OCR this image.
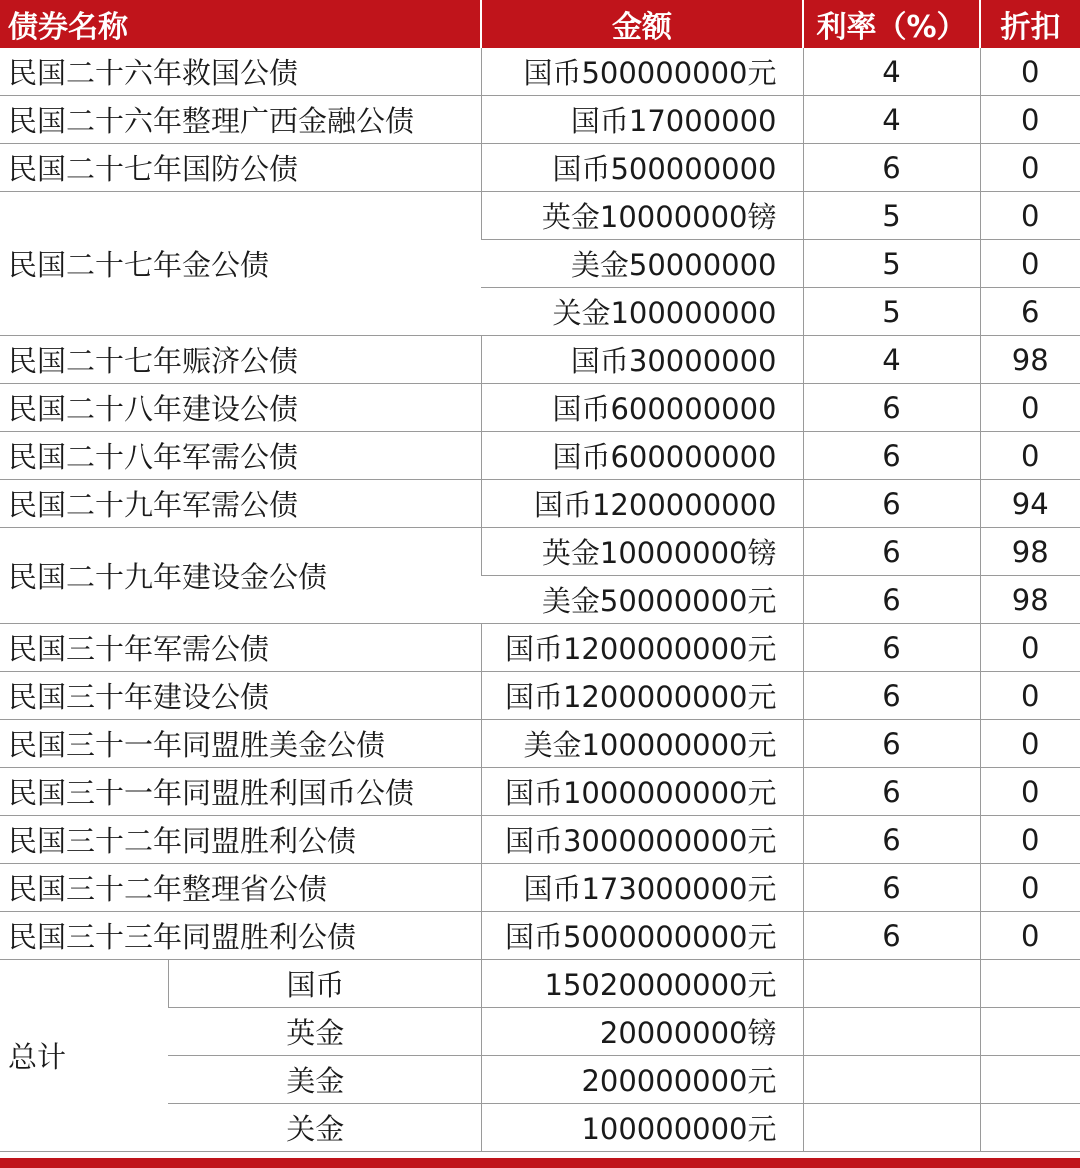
债券名称		金额	利率（%）	折扣
民国二十六年救国公债		国币500000000元	4	0
民国二十六年整理广西金融公债		国币17000000	4	0
民国二十七年国防公债		国币500000000	6	0
民国二十七年金公债		英金10000000镑	5	0
		美金50000000	5	0
		关金100000000	5	6
民国二十七年赈济公债		国币30000000	4	98
民国二十八年建设公债		国币600000000	6	0
民国二十八年军需公债		国币600000000	6	0
民国二十九年军需公债		国币1200000000	6	94
民国二十九年建设金公债		英金10000000镑	6	98
		美金50000000元	6	98
民国三十年军需公债		国币1200000000元	6	0
民国三十年建设公债		国币1200000000元	6	0
民国三十一年同盟胜美金公债		美金100000000元	6	0
民国三十一年同盟胜利国币公债		国币1000000000元	6	0
民国三十二年同盟胜利公债		国币3000000000元	6	0
民国三十二年整理省公债		国币173000000元	6	0
民国三十三年同盟胜利公债		国币5000000000元	6	0
总计	国币	15020000000元		
	英金	20000000镑		
	美金	200000000元		
	关金	100000000元		
